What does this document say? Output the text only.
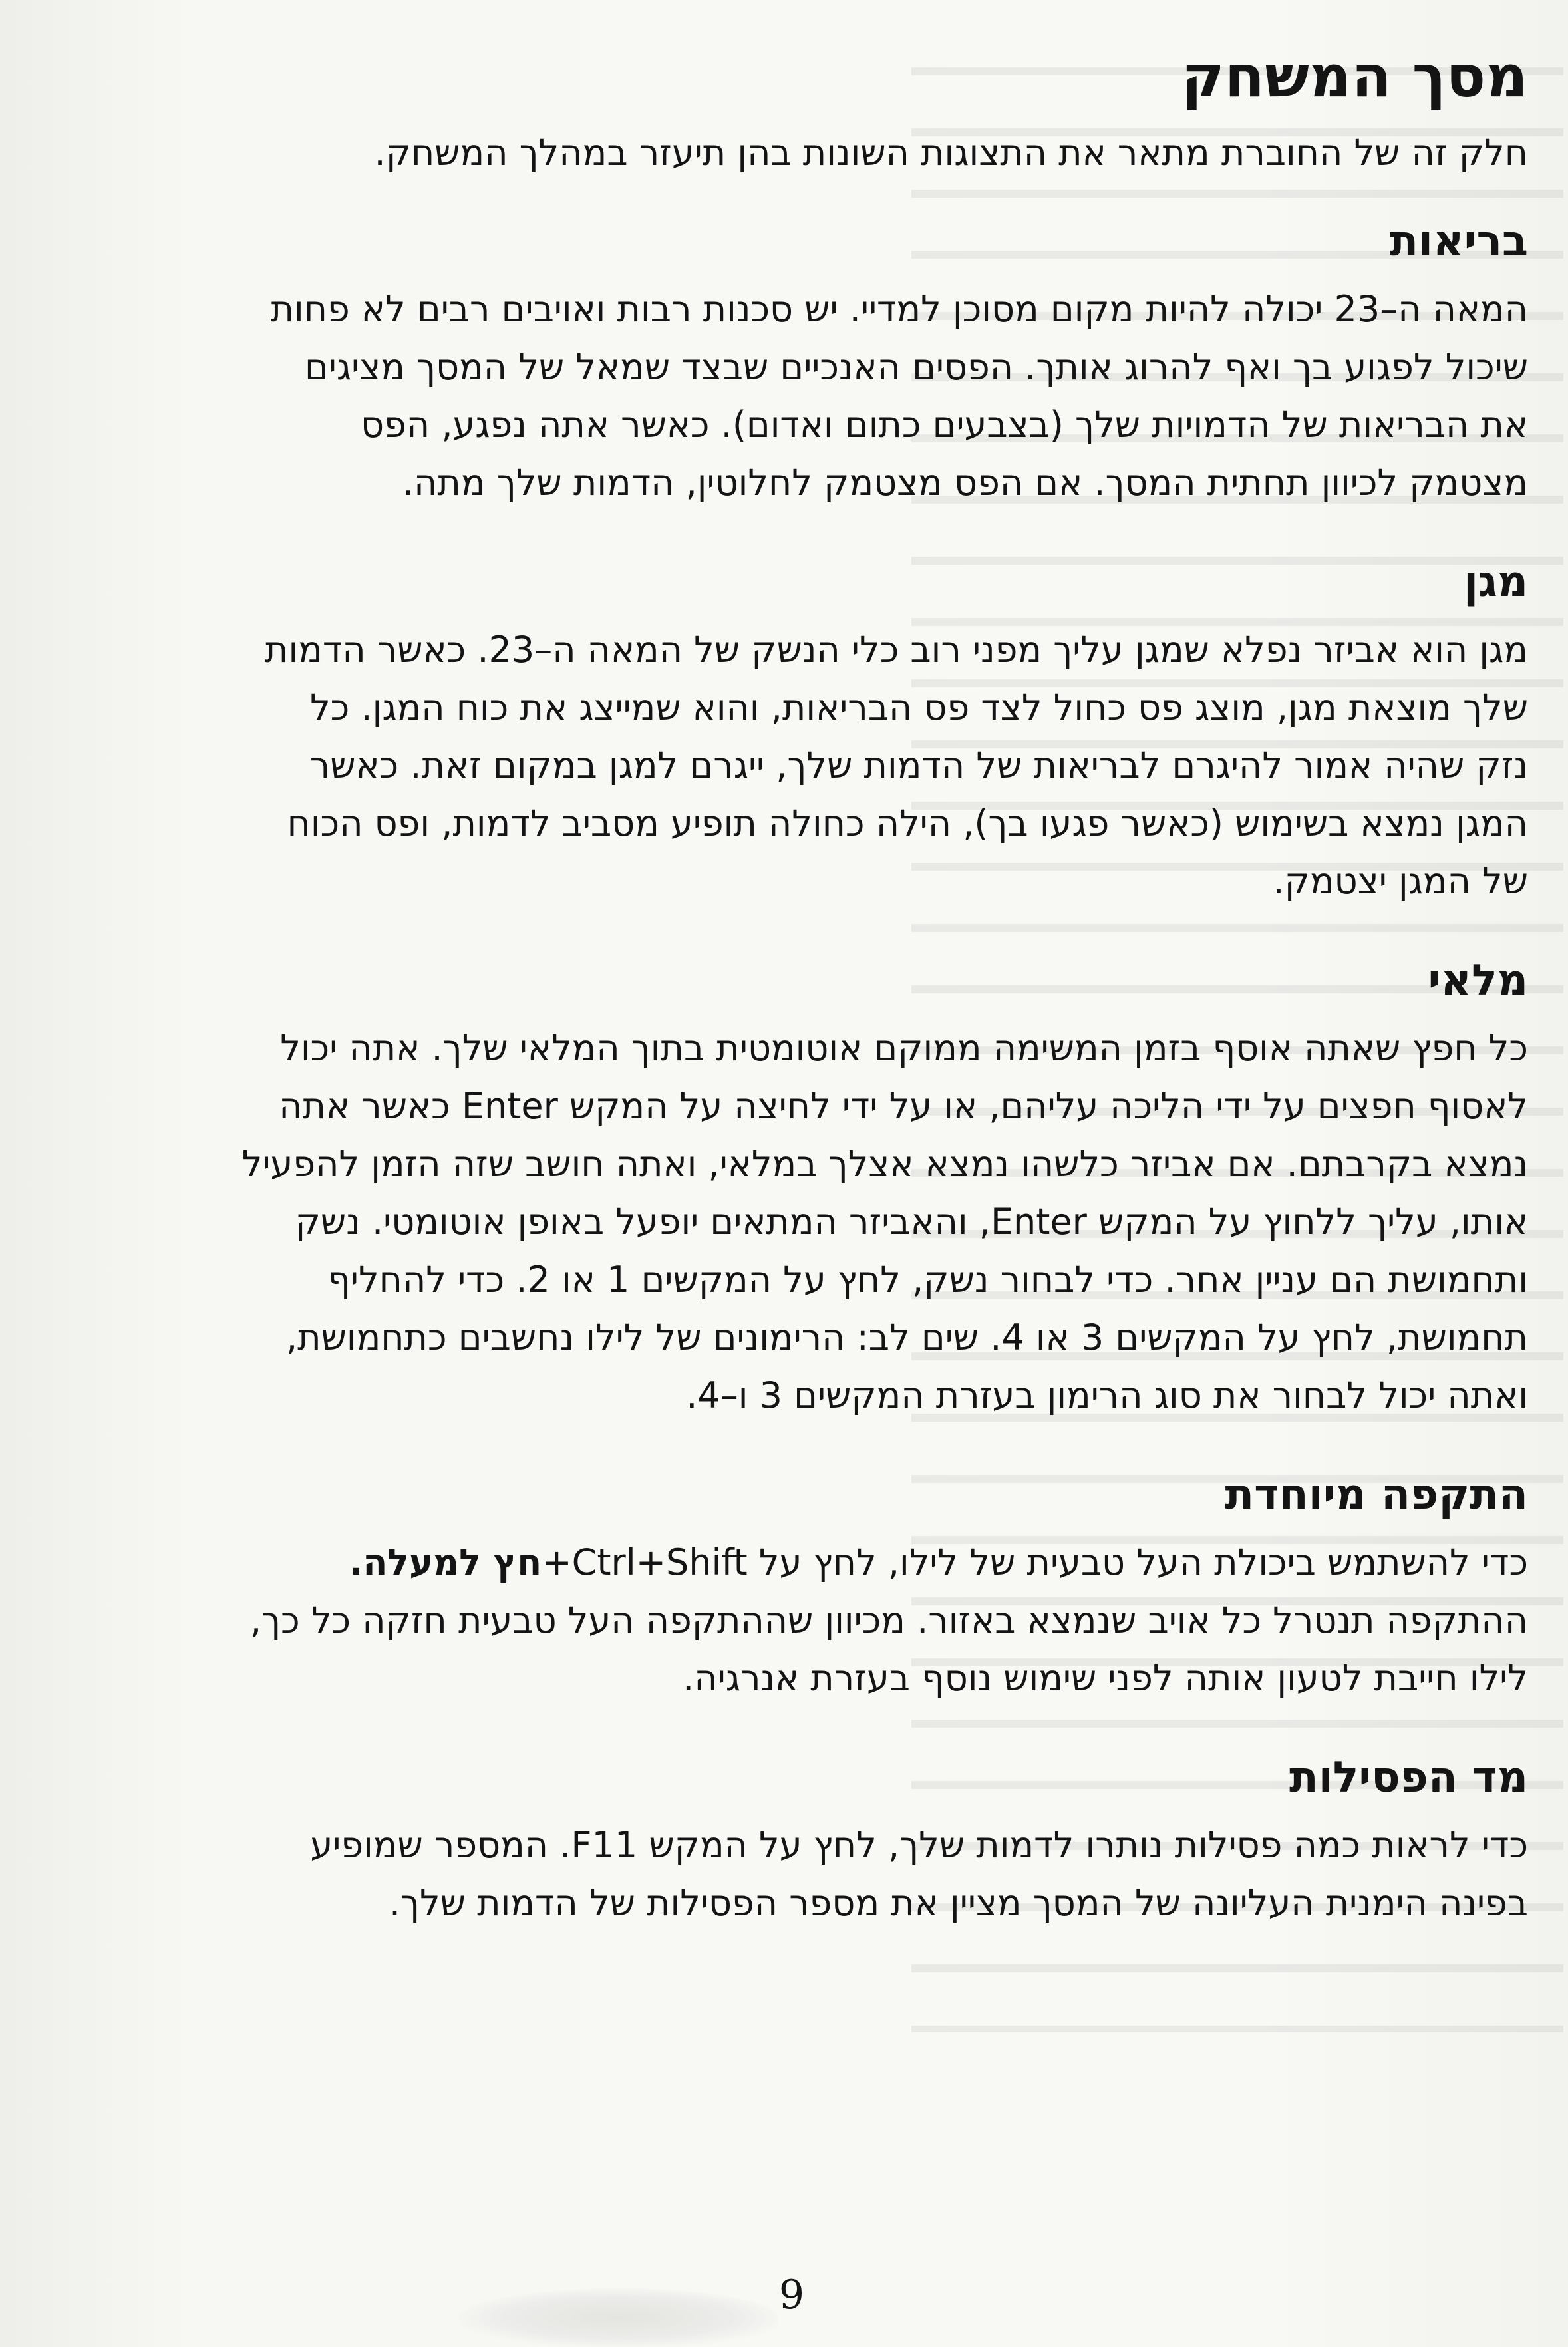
מסך המשחק

חלק זה של החוברת מתאר את התצוגות השונות בהן תיעזר במהלך המשחק.

בריאות

המאה ה–23 יכולה להיות מקום מסוכן למדיי. יש סכנות רבות ואויבים רבים לא פחות
שיכול לפגוע בך ואף להרוג אותך. הפסים האנכיים שבצד שמאל של המסך מציגים
את הבריאות של הדמויות שלך (בצבעים כתום ואדום). כאשר אתה נפגע, הפס
מצטמק לכיוון תחתית המסך. אם הפס מצטמק לחלוטין, הדמות שלך מתה.

מגן

מגן הוא אביזר נפלא שמגן עליך מפני רוב כלי הנשק של המאה ה–23. כאשר הדמות
שלך מוצאת מגן, מוצג פס כחול לצד פס הבריאות, והוא שמייצג את כוח המגן. כל
נזק שהיה אמור להיגרם לבריאות של הדמות שלך, ייגרם למגן במקום זאת. כאשר
המגן נמצא בשימוש (כאשר פגעו בך), הילה כחולה תופיע מסביב לדמות, ופס הכוח
של המגן יצטמק.

מלאי

כל חפץ שאתה אוסף בזמן המשימה ממוקם אוטומטית בתוך המלאי שלך. אתה יכול
לאסוף חפצים על ידי הליכה עליהם, או על ידי לחיצה על המקש Enter כאשר אתה
נמצא בקרבתם. אם אביזר כלשהו נמצא אצלך במלאי, ואתה חושב שזה הזמן להפעיל
אותו, עליך ללחוץ על המקש Enter, והאביזר המתאים יופעל באופן אוטומטי. נשק
ותחמושת הם עניין אחר. כדי לבחור נשק, לחץ על המקשים 1 או 2. כדי להחליף
תחמושת, לחץ על המקשים 3 או 4. שים לב: הרימונים של לילו נחשבים כתחמושת,
ואתה יכול לבחור את סוג הרימון בעזרת המקשים 3 ו–4.

התקפה מיוחדת

כדי להשתמש ביכולת העל טבעית של לילו, לחץ על Ctrl+Shift+חץ למעלה.
ההתקפה תנטרל כל אויב שנמצא באזור. מכיוון שההתקפה העל טבעית חזקה כל כך,
לילו חייבת לטעון אותה לפני שימוש נוסף בעזרת אנרגיה.

מד הפסילות

כדי לראות כמה פסילות נותרו לדמות שלך, לחץ על המקש F11. המספר שמופיע
בפינה הימנית העליונה של המסך מציין את מספר הפסילות של הדמות שלך.

9
